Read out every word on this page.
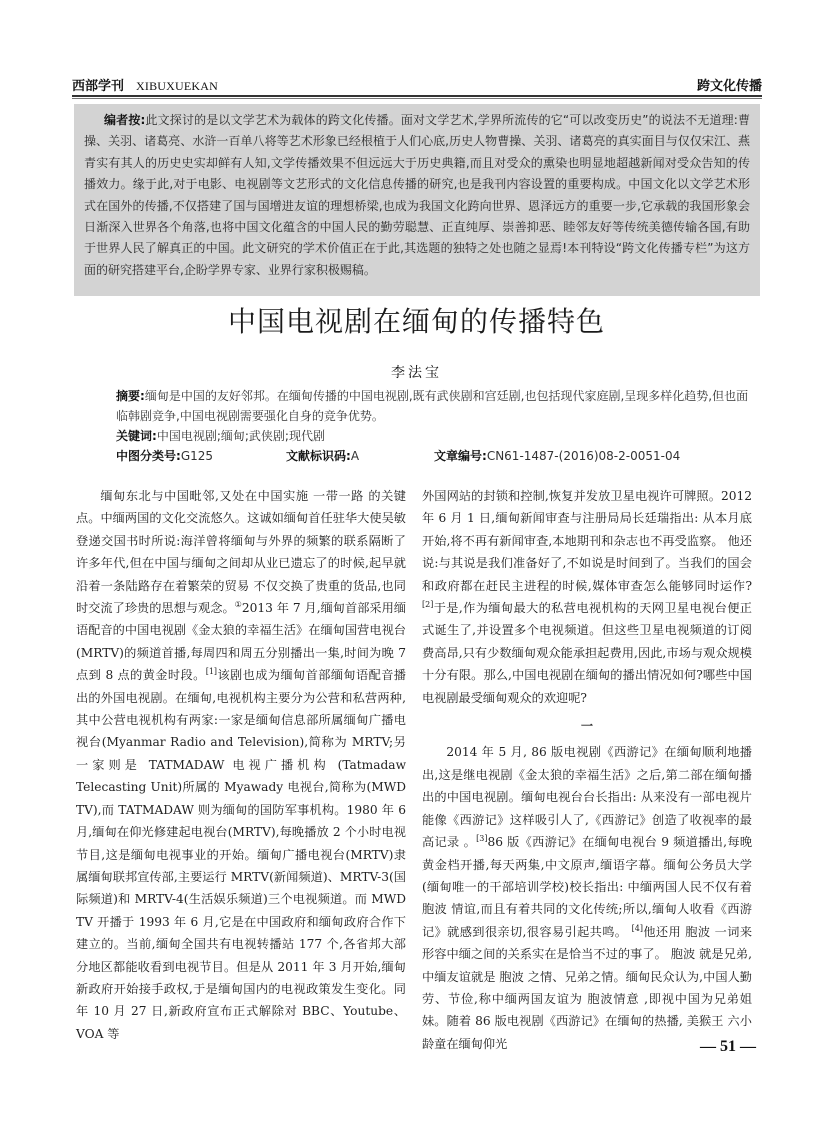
西部学刊 XIBUXUEKAN	跨文化传播
编者按:此文探讨的是以文学艺术为载体的跨文化传播。面对文学艺术,学界所流传的它“可以改变历史”的说法不无道理:曹操、关羽、诸葛亮、水浒一百单八将等艺术形象已经根植于人们心底,历史人物曹操、关羽、诸葛亮的真实面目与仅仅宋江、燕青实有其人的历史史实却鲜有人知,文学传播效果不但远远大于历史典籍,而且对受众的熏染也明显地超越新闻对受众告知的传播效力。缘于此,对于电影、电视剧等文艺形式的文化信息传播的研究,也是我刊内容设置的重要构成。中国文化以文学艺术形式在国外的传播,不仅搭建了国与国增进友谊的理想桥梁,也成为我国文化跨向世界、恩泽远方的重要一步,它承载的我国形象会日渐深入世界各个角落,也将中国文化蕴含的中国人民的勤劳聪慧、正直纯厚、崇善抑恶、睦邻友好等传统美德传输各国,有助于世界人民了解真正的中国。此文研究的学术价值正在于此,其选题的独特之处也随之显焉!本刊特设“跨文化传播专栏”为这方面的研究搭建平台,企盼学界专家、业界行家积极赐稿。
中国电视剧在缅甸的传播特色
李法宝
摘要:缅甸是中国的友好邻邦。在缅甸传播的中国电视剧,既有武侠剧和宫廷剧,也包括现代家庭剧,呈现多样化趋势,但也面临韩剧竞争,中国电视剧需要强化自身的竞争优势。
关键词:中国电视剧;缅甸;武侠剧;现代剧
中图分类号:G125	文献标识码:A	文章编号:CN61-1487-(2016)08-2-0051-04

缅甸东北与中国毗邻,又处在中国实施 一带一路 的关键点。中缅两国的文化交流悠久。这诚如缅甸首任驻华大使吴敏登递交国书时所说:海洋曾将缅甸与外界的频繁的联系隔断了许多年代,但在中国与缅甸之间却从业已遗忘了的时候,起早就沿着一条陆路存在着繁荣的贸易 不仅交换了贵重的货品,也同时交流了珍贵的思想与观念。①2013 年 7 月,缅甸首部采用缅语配音的中国电视剧《金太狼的幸福生活》在缅甸国营电视台(MRTV)的频道首播,每周四和周五分别播出一集,时间为晚 7 点到 8 点的黄金时段。[1]该剧也成为缅甸首部缅甸语配音播出的外国电视剧。在缅甸,电视机构主要分为公营和私营两种,其中公营电视机构有两家:一家是缅甸信息部所属缅甸广播电视台(Myanmar Radio and Television),简称为 MRTV;另一家则是 TATMADAW 电视广播机构 (Tatmadaw Telecasting Unit)所属的 Myawady 电视台,简称为(MWD TV),而 TATMADAW 则为缅甸的国防军事机构。1980 年 6 月,缅甸在仰光修建起电视台(MRTV),每晚播放 2 个小时电视节目,这是缅甸电视事业的开始。缅甸广播电视台(MRTV)隶属缅甸联邦宣传部,主要运行 MRTV(新闻频道)、MRTV-3(国际频道)和 MRTV-4(生活娱乐频道)三个电视频道。而 MWD TV 开播于 1993 年 6 月,它是在中国政府和缅甸政府合作下建立的。当前,缅甸全国共有电视转播站 177 个,各省邦大部分地区都能收看到电视节目。但是从 2011 年 3 月开始,缅甸新政府开始接手政权,于是缅甸国内的电视政策发生变化。同年 10 月 27 日,新政府宣布正式解除对 BBC、Youtube、VOA 等

外国网站的封锁和控制,恢复并发放卫星电视许可牌照。2012 年 6 月 1 日,缅甸新闻审查与注册局局长廷瑞指出: 从本月底开始,将不再有新闻审查,本地期刊和杂志也不再受监察。 他还说:与其说是我们准备好了,不如说是时间到了。当我们的国会和政府都在赶民主进程的时候,媒体审查怎么能够同时运作? [2]于是,作为缅甸最大的私营电视机构的天网卫星电视台便正式诞生了,并设置多个电视频道。但这些卫星电视频道的订阅费高昂,只有少数缅甸观众能承担起费用,因此,市场与观众规模十分有限。那么,中国电视剧在缅甸的播出情况如何?哪些中国电视剧最受缅甸观众的欢迎呢?

一

2014 年 5 月, 86 版电视剧《西游记》在缅甸顺利地播出,这是继电视剧《金太狼的幸福生活》之后,第二部在缅甸播出的中国电视剧。缅甸电视台台长指出: 从来没有一部电视片能像《西游记》这样吸引人了,《西游记》创造了收视率的最高记录 。[3]86 版《西游记》在缅甸电视台 9 频道播出,每晚黄金档开播,每天两集,中文原声,缅语字幕。缅甸公务员大学(缅甸唯一的干部培训学校)校长指出: 中缅两国人民不仅有着 胞波 情谊,而且有着共同的文化传统;所以,缅甸人收看《西游记》就感到很亲切,很容易引起共鸣。 [4]他还用 胞波 一词来形容中缅之间的关系实在是恰当不过的事了。 胞波 就是兄弟,中缅友谊就是 胞波 之情、兄弟之情。缅甸民众认为,中国人勤劳、节俭,称中缅两国友谊为 胞波情意 ,即视中国为兄弟姐妹。随着 86 版电视剧《西游记》在缅甸的热播, 美猴王 六小龄童在缅甸仰光	— 51 —
